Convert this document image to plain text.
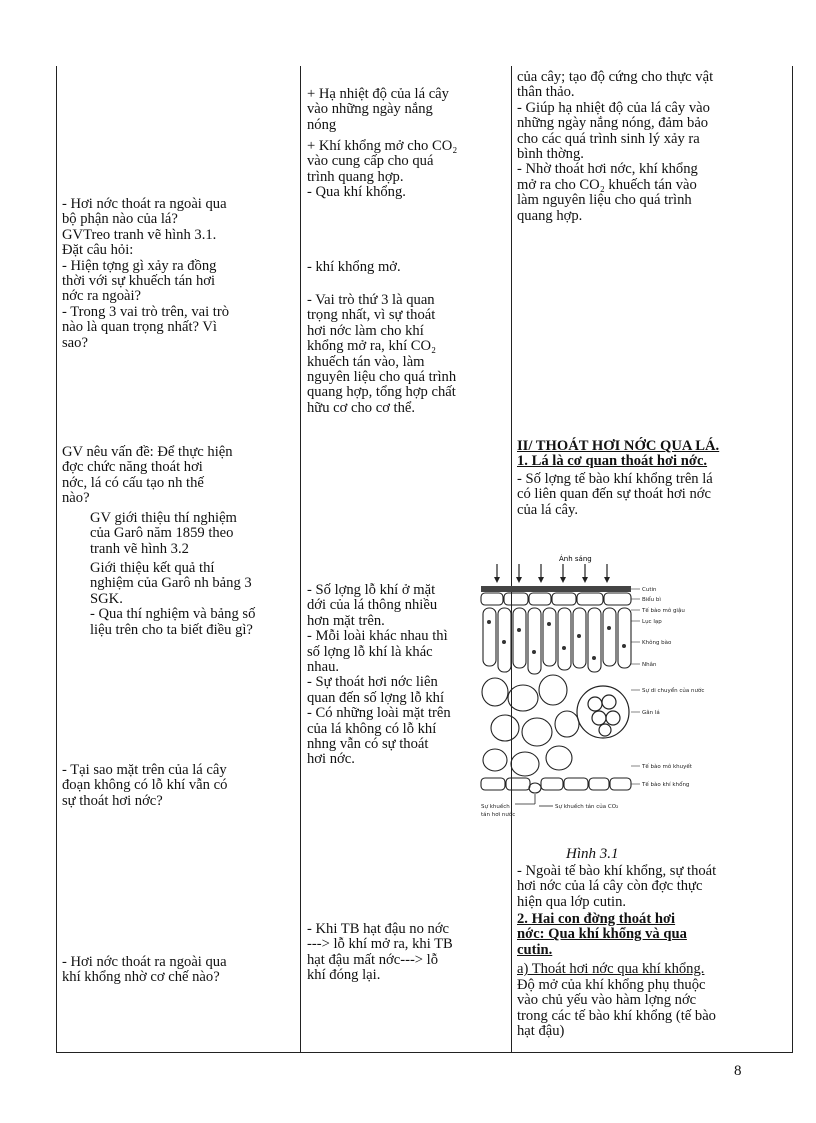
- Hơi nớc thoát ra ngoài qua

bộ phận nào của lá?

GVTreo tranh vẽ hình 3.1.

Đặt câu hỏi:

- Hiện tợng gì xảy ra đồng

thời với sự khuếch tán hơi

nớc ra ngoài?

- Trong 3 vai trò trên, vai trò

nào là quan trọng nhất? Vì

sao?

GV nêu vấn đề: Để thực hiện

đợc chức năng thoát hơi

nớc, lá có cấu tạo nh thế

nào?

GV giới thiệu thí nghiệm

của Garô năm 1859 theo

tranh vẽ hình 3.2

Giới thiệu kết quả thí

nghiệm của Garô nh bảng 3

SGK.

- Qua thí nghiệm và bảng số

liệu trên cho ta biết điều gì?

- Tại sao mặt trên của lá cây

đoạn không có lỗ khí vẫn có

sự thoát hơi nớc?

- Hơi nớc thoát ra ngoài qua

khí khổng nhờ cơ chế nào?

+ Hạ nhiệt độ của lá cây

vào những ngày nắng

nóng

+ Khí khổng mở cho CO₂

vào cung cấp cho quá

trình quang hợp.

- Qua khí khổng.

- khí khổng mở.

- Vai trò thứ 3 là quan

trọng nhất, vì sự thoát

hơi nớc làm cho khí

khổng mở ra, khí CO₂

khuếch tán vào, làm

nguyên liệu cho quá trình

quang hợp, tổng hợp chất

hữu cơ cho cơ thể.

- Số lợng lỗ khí ở mặt

dới của lá thông nhiều

hơn mặt trên.

- Mỗi loài khác nhau thì

số lợng lỗ khí là khác

nhau.

- Sự thoát hơi nớc liên

quan đến số lợng lỗ khí

- Có những loài mặt trên

của lá không có lỗ khí

nhng vẫn có sự thoát

hơi nớc.

- Khi TB hạt đậu no nớc

---> lỗ khí mở ra, khi TB

hạt đậu mất nớc---> lỗ

khí đóng lại.

của cây; tạo độ cứng cho thực vật

thân thảo.

- Giúp hạ nhiệt độ của lá cây vào

những ngày nắng nóng, đảm bảo

cho các quá trình sinh lý xảy ra

bình thờng.

- Nhờ thoát hơi nớc, khí khổng

mở ra cho CO₂ khuếch tán vào

làm nguyên liệu cho quá trình

quang hợp.

II/ THOÁT HƠI NỚC QUA LÁ.

1. Lá là cơ quan thoát hơi nớc.

- Số lợng tế bào khí khổng trên lá

có liên quan đến sự thoát hơi nớc

của lá cây.

Hình 3.1

- Ngoài tế bào khí khổng, sự thoát

hơi nớc của lá cây còn đợc thực

hiện qua lớp cutin.

2. Hai con đờng thoát hơi

nớc: Qua khí khổng và qua

cutin.

a) Thoát hơi nớc qua khí khổng.

Độ mở của khí khổng phụ thuộc

vào chủ yếu vào hàm lợng nớc

trong các tế bào khí khổng (tế bào

hạt đậu)

Ánh sáng
Cutin
Biểu bì
Tế bào mô giậu
Lục lạp
Không bào
Nhân
Sự di chuyển của nước
Gân lá
Tế bào mô khuyết
Tế bào khí khổng
Sự khuếch
tán hơi nước
Sự khuếch tán của CO₂
8
